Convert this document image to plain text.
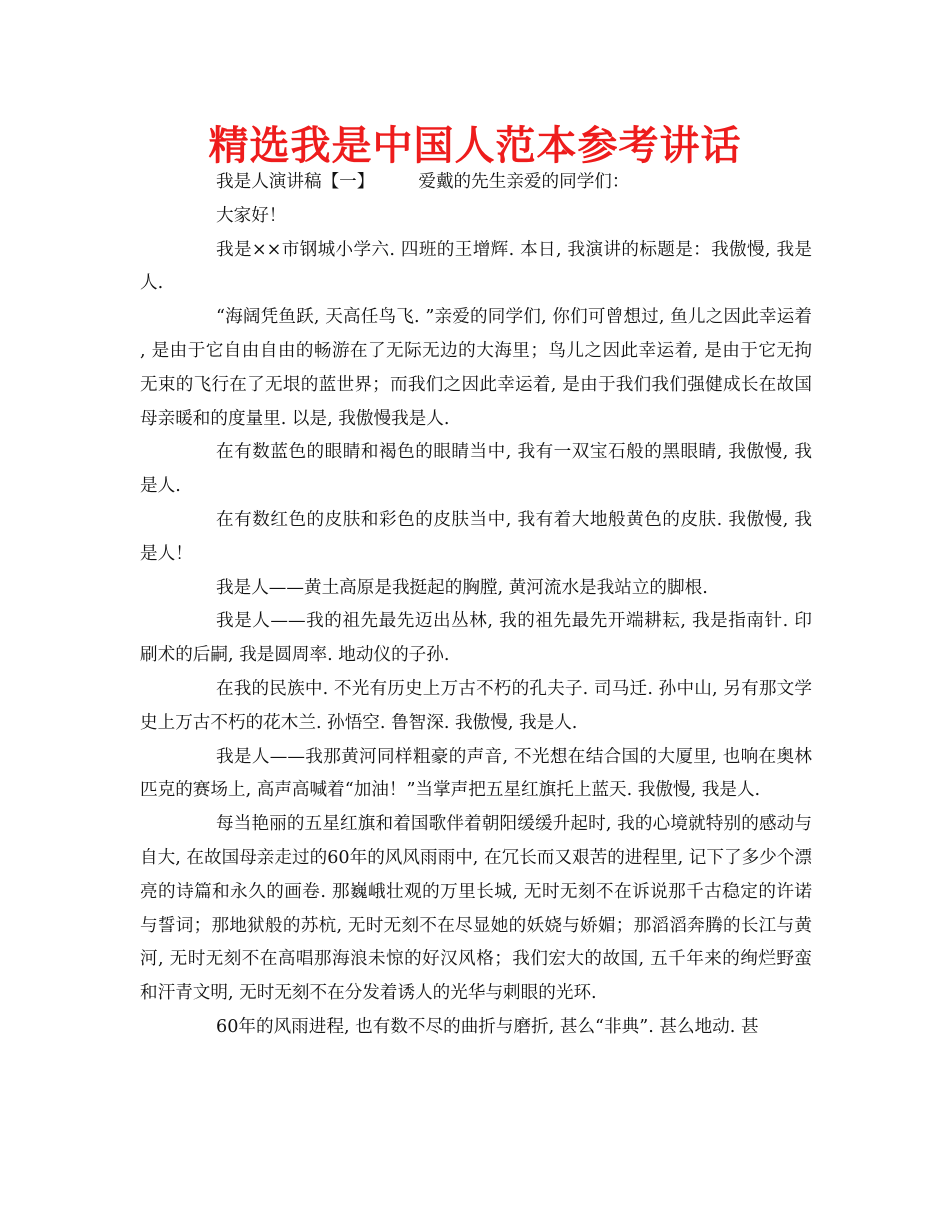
精选我是中国人范本参考讲话

我是人演讲稿【一】	爱戴的先生亲爱的同学们：

大家好！

我是××市钢城小学六. 四班的王增辉. 本日, 我演讲的标题是：我傲慢, 我是人.

“海阔凭鱼跃, 天高任鸟飞. ”亲爱的同学们, 你们可曾想过, 鱼儿之因此幸运着, 是由于它自由自由的畅游在了无际无边的大海里；鸟儿之因此幸运着, 是由于它无拘无束的飞行在了无垠的蓝世界；而我们之因此幸运着, 是由于我们我们强健成长在故国母亲暖和的度量里. 以是, 我傲慢我是人.

在有数蓝色的眼睛和褐色的眼睛当中, 我有一双宝石般的黑眼睛, 我傲慢, 我是人.

在有数红色的皮肤和彩色的皮肤当中, 我有着大地般黄色的皮肤. 我傲慢, 我是人！

我是人——黄土高原是我挺起的胸膛, 黄河流水是我站立的脚根.

我是人——我的祖先最先迈出丛林, 我的祖先最先开端耕耘, 我是指南针. 印刷术的后嗣, 我是圆周率. 地动仪的子孙.

在我的民族中. 不光有历史上万古不朽的孔夫子. 司马迁. 孙中山, 另有那文学史上万古不朽的花木兰. 孙悟空. 鲁智深. 我傲慢, 我是人.

我是人——我那黄河同样粗豪的声音, 不光想在结合国的大厦里, 也响在奥林匹克的赛场上, 高声高喊着“加油！”当掌声把五星红旗托上蓝天. 我傲慢, 我是人.

每当艳丽的五星红旗和着国歌伴着朝阳缓缓升起时, 我的心境就特别的感动与自大, 在故国母亲走过的60年的风风雨雨中, 在冗长而又艰苦的进程里, 记下了多少个漂亮的诗篇和永久的画卷. 那巍峨壮观的万里长城, 无时无刻不在诉说那千古稳定的许诺与誓词；那地狱般的苏杭, 无时无刻不在尽显她的妖娆与娇媚；那滔滔奔腾的长江与黄河, 无时无刻不在高唱那海浪未惊的好汉风格；我们宏大的故国, 五千年来的绚烂野蛮和汗青文明, 无时无刻不在分发着诱人的光华与刺眼的光环.

60年的风雨进程, 也有数不尽的曲折与磨折, 甚么“非典”. 甚么地动. 甚
